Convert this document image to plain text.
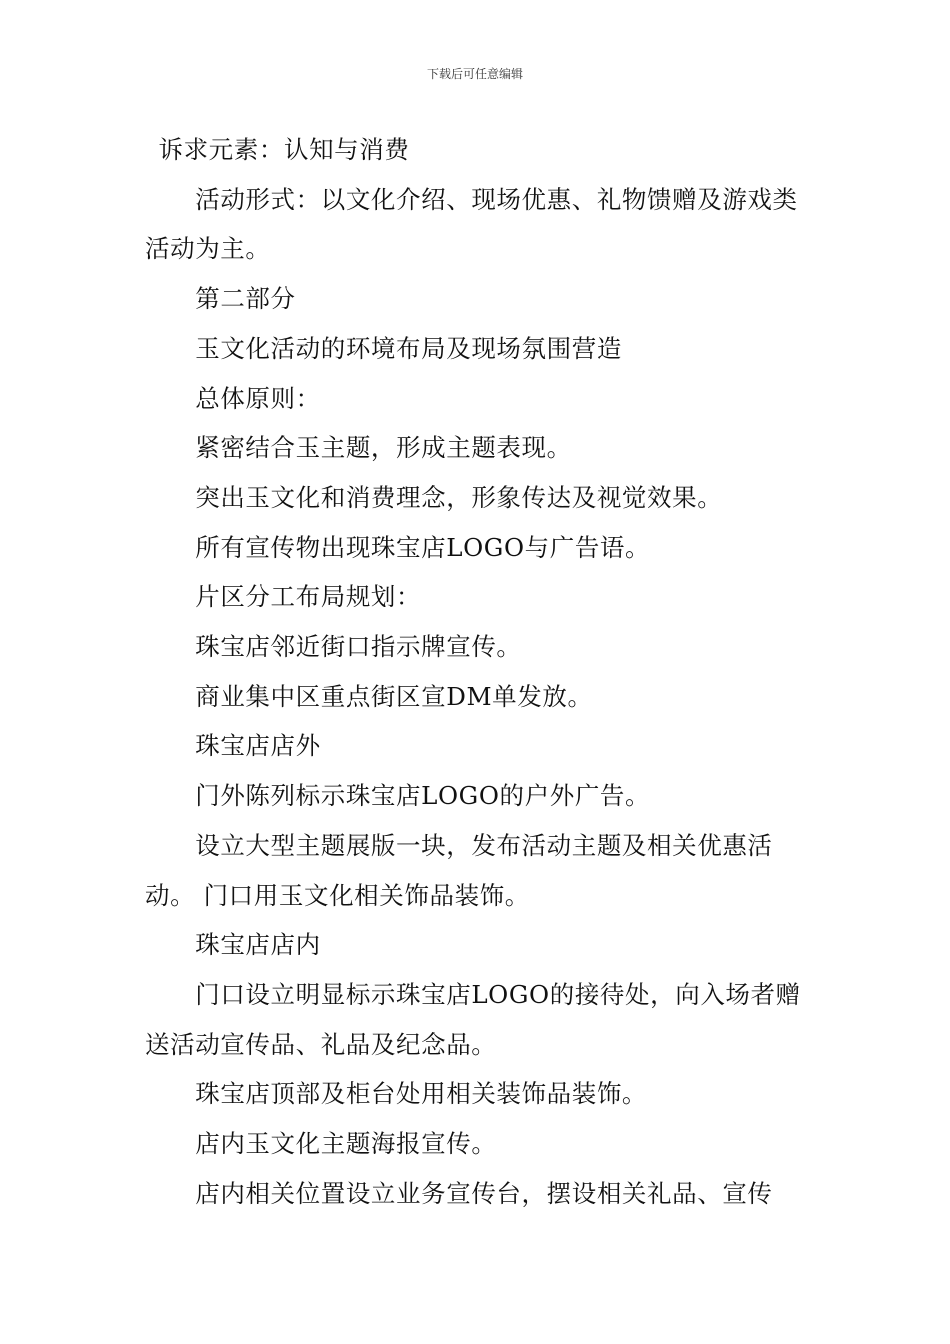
下载后可任意编辑

诉求元素：认知与消费

活动形式：以文化介绍、现场优惠、礼物馈赠及游戏类活动为主。

第二部分

玉文化活动的环境布局及现场氛围营造

总体原则：

紧密结合玉主题，形成主题表现。

突出玉文化和消费理念，形象传达及视觉效果。

所有宣传物出现珠宝店LOGO与广告语。

片区分工布局规划：

珠宝店邻近街口指示牌宣传。

商业集中区重点街区宣DM单发放。

珠宝店店外

门外陈列标示珠宝店LOGO的户外广告。

设立大型主题展版一块，发布活动主题及相关优惠活动。 门口用玉文化相关饰品装饰。

珠宝店店内

门口设立明显标示珠宝店LOGO的接待处，向入场者赠送活动宣传品、礼品及纪念品。

珠宝店顶部及柜台处用相关装饰品装饰。

店内玉文化主题海报宣传。

店内相关位置设立业务宣传台，摆设相关礼品、宣传
